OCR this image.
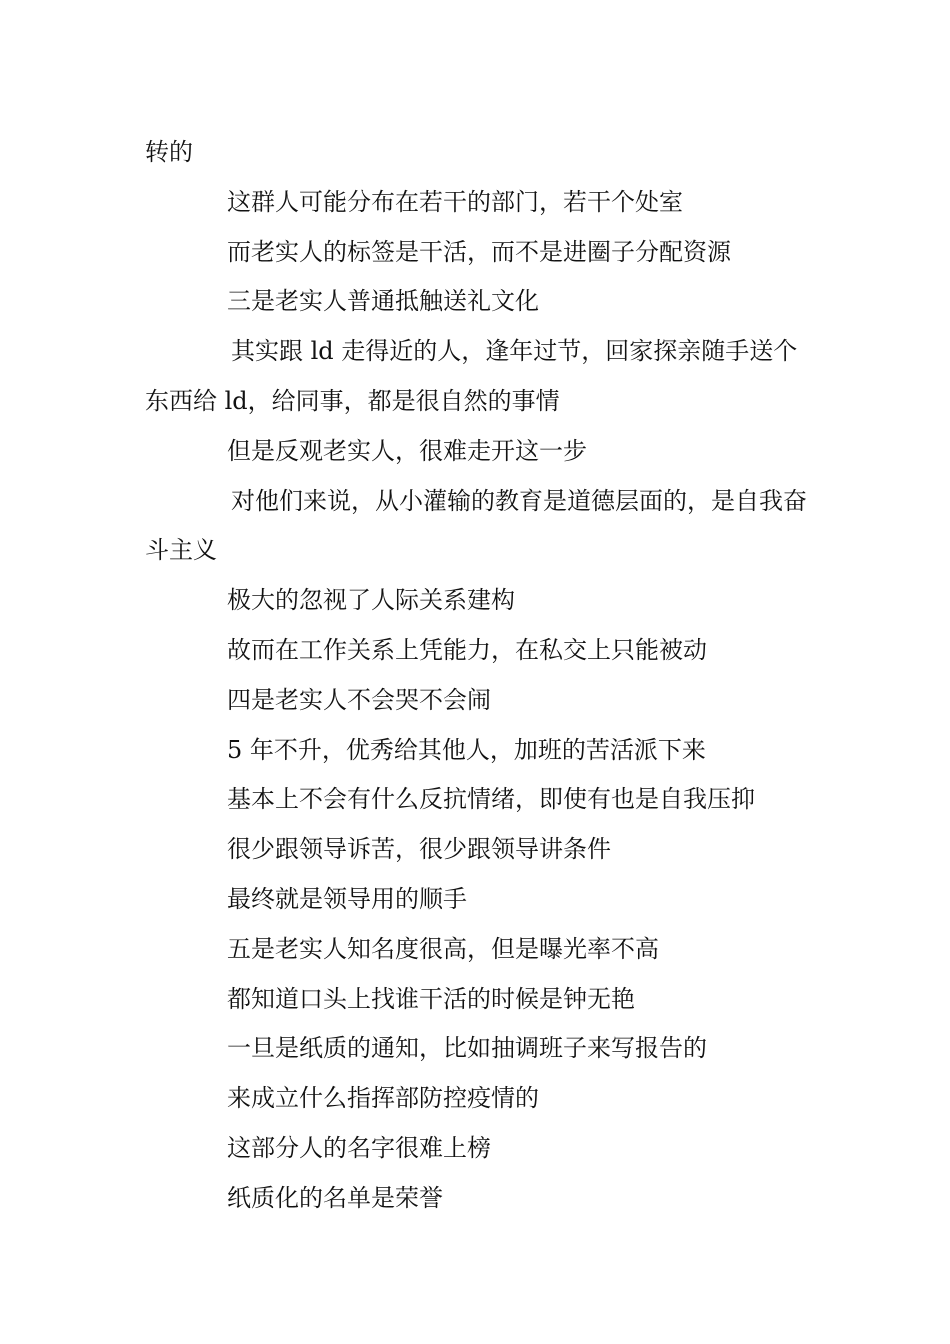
转的

这群人可能分布在若干的部门，若干个处室

而老实人的标签是干活，而不是进圈子分配资源

三是老实人普通抵触送礼文化

其实跟 ld 走得近的人，逢年过节，回家探亲随手送个东西给 ld，给同事，都是很自然的事情

但是反观老实人，很难走开这一步

对他们来说，从小灌输的教育是道德层面的，是自我奋斗主义

极大的忽视了人际关系建构

故而在工作关系上凭能力，在私交上只能被动

四是老实人不会哭不会闹

5 年不升，优秀给其他人，加班的苦活派下来

基本上不会有什么反抗情绪，即使有也是自我压抑

很少跟领导诉苦，很少跟领导讲条件

最终就是领导用的顺手

五是老实人知名度很高，但是曝光率不高

都知道口头上找谁干活的时候是钟无艳

一旦是纸质的通知，比如抽调班子来写报告的

来成立什么指挥部防控疫情的

这部分人的名字很难上榜

纸质化的名单是荣誉
